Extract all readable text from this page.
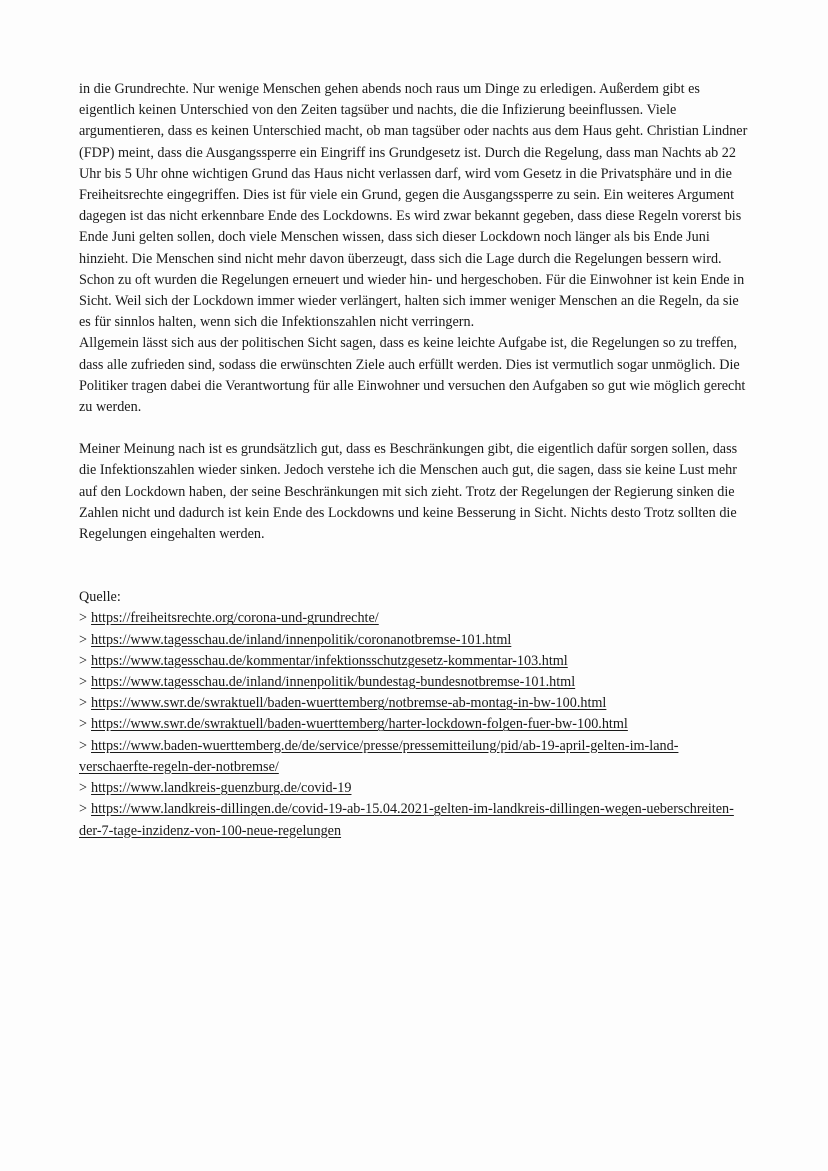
in die Grundrechte. Nur wenige Menschen gehen abends noch raus um Dinge zu erledigen. Außerdem gibt es eigentlich keinen Unterschied von den Zeiten tagsüber und nachts, die die Infizierung beeinflussen. Viele argumentieren, dass es keinen Unterschied macht, ob man tagsüber oder nachts aus dem Haus geht. Christian Lindner (FDP) meint, dass die Ausgangssperre ein Eingriff ins Grundgesetz ist. Durch die Regelung, dass man Nachts ab 22 Uhr bis 5 Uhr ohne wichtigen Grund das Haus nicht verlassen darf, wird vom Gesetz in die Privatsphäre und in die Freiheitsrechte eingegriffen. Dies ist für viele ein Grund, gegen die Ausgangssperre zu sein. Ein weiteres Argument dagegen ist das nicht erkennbare Ende des Lockdowns. Es wird zwar bekannt gegeben, dass diese Regeln vorerst bis Ende Juni gelten sollen, doch viele Menschen wissen, dass sich dieser Lockdown noch länger als bis Ende Juni hinzieht. Die Menschen sind nicht mehr davon überzeugt, dass sich die Lage durch die Regelungen bessern wird. Schon zu oft wurden die Regelungen erneuert und wieder hin- und hergeschoben. Für die Einwohner ist kein Ende in Sicht. Weil sich der Lockdown immer wieder verlängert, halten sich immer weniger Menschen an die Regeln, da sie es für sinnlos halten, wenn sich die Infektionszahlen nicht verringern.

Allgemein lässt sich aus der politischen Sicht sagen, dass es keine leichte Aufgabe ist, die Regelungen so zu treffen, dass alle zufrieden sind, sodass die erwünschten Ziele auch erfüllt werden. Dies ist vermutlich sogar unmöglich. Die Politiker tragen dabei die Verantwortung für alle Einwohner und versuchen den Aufgaben so gut wie möglich gerecht zu werden.

Meiner Meinung nach ist es grundsätzlich gut, dass es Beschränkungen gibt, die eigentlich dafür sorgen sollen, dass die Infektionszahlen wieder sinken. Jedoch verstehe ich die Menschen auch gut, die sagen, dass sie keine Lust mehr auf den Lockdown haben, der seine Beschränkungen mit sich zieht. Trotz der Regelungen der Regierung sinken die Zahlen nicht und dadurch ist kein Ende des Lockdowns und keine Besserung in Sicht. Nichts desto Trotz sollten die Regelungen eingehalten werden.

Quelle:

> https://freiheitsrechte.org/corona-und-grundrechte/
> https://www.tagesschau.de/inland/innenpolitik/coronanotbremse-101.html
> https://www.tagesschau.de/kommentar/infektionsschutzgesetz-kommentar-103.html
> https://www.tagesschau.de/inland/innenpolitik/bundestag-bundesnotbremse-101.html
> https://www.swr.de/swraktuell/baden-wuerttemberg/notbremse-ab-montag-in-bw-100.html
> https://www.swr.de/swraktuell/baden-wuerttemberg/harter-lockdown-folgen-fuer-bw-100.html
> https://www.baden-wuerttemberg.de/de/service/presse/pressemitteilung/pid/ab-19-april-gelten-im-land-verschaerfte-regeln-der-notbremse/
> https://www.landkreis-guenzburg.de/covid-19
> https://www.landkreis-dillingen.de/covid-19-ab-15.04.2021-gelten-im-landkreis-dillingen-wegen-ueberschreiten-der-7-tage-inzidenz-von-100-neue-regelungen
